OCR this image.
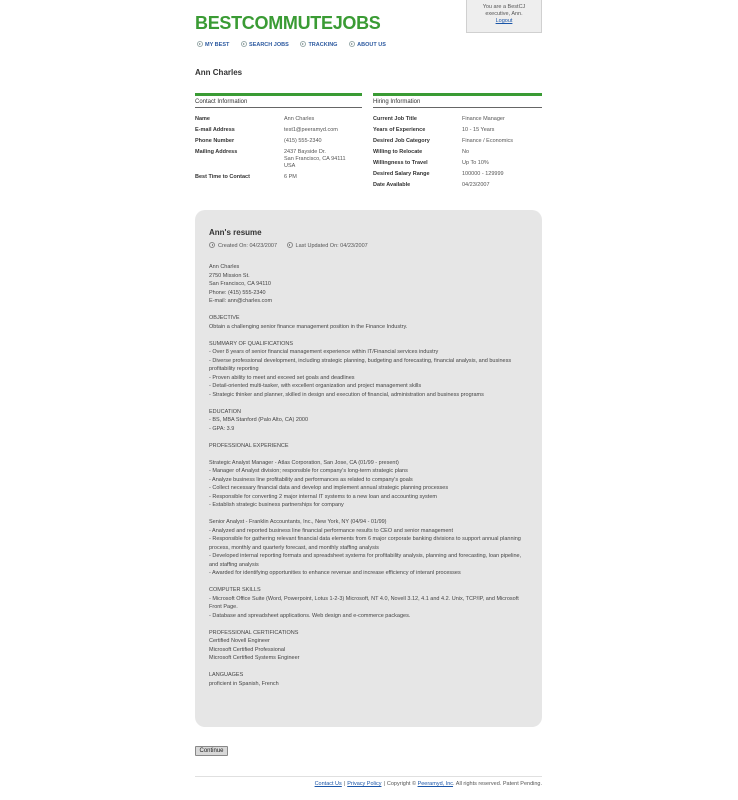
BESTCOMMUTEJOBS
You are a BestCJ
executive, Ann.
Logout
MY BEST	SEARCH JOBS	TRACKING	ABOUT US
Ann Charles
Contact Information
Name	Ann Charles
E-mail Address	test1@peeramyd.com
Phone Number	(415) 555-2340
Mailing Address	2437 Bayside Dr.
San Francisco, CA 94111
USA
Best Time to Contact	6 PM
Hiring Information
Current Job Title	Finance Manager
Years of Experience	10 - 15 Years
Desired Job Category	Finance / Economics
Willing to Relocate	No
Willingness to Travel	Up To 10%
Desired Salary Range	100000 - 129999
Date Available	04/23/2007
Ann's resume
Created On: 04/23/2007	Last Updated On: 04/23/2007
Ann Charles
2750 Mission St.
San Francisco, CA 94110
Phone: (415) 555-2340
E-mail: ann@charles.com
OBJECTIVE
Obtain a challenging senior finance management position in the Finance Industry.
SUMMARY OF QUALIFICATIONS
- Over 8 years of senior financial management experience within IT/Financial services industry
- Diverse professional development, including strategic planning, budgeting and forecasting, financial analysis, and business profitability reporting
- Proven ability to meet and exceed set goals and deadlines
- Detail-oriented multi-tasker, with excellent organization and project management skills
- Strategic thinker and planner, skilled in design and execution of financial, administration and business programs
EDUCATION
- BS, MBA Stanford (Palo Alto, CA) 2000
- GPA: 3.9
PROFESSIONAL EXPERIENCE
Strategic Analyst Manager - Atlas Corporation, San Jose, CA (01/99 - present)
- Manager of Analyst division; responsible for company's long-term strategic plans
- Analyze business line profitability and performances as related to company's goals
- Collect necessary financial data and develop and implement annual strategic planning processes
- Responsible for converting 2 major internal IT systems to a new loan and accounting system
- Establish strategic business partnerships for company
Senior Analyst - Franklin Accountants, Inc., New York, NY (04/94 - 01/99)
- Analyzed and reported business line financial performance results to CEO and senior management
- Responsible for gathering relevant financial data elements from 6 major corporate banking divisions to support annual planning process, monthly and quarterly forecast, and monthly staffing analysis
- Developed internal reporting formats and spreadsheet systems for profitability analysis, planning and forecasting, loan pipeline, and staffing analysis
- Awarded for identifying opportunities to enhance revenue and increase efficiency of interanl processes
COMPUTER SKILLS
- Microsoft Office Suite (Word, Powerpoint, Lotus 1-2-3) Microsoft, NT 4.0, Novell 3.12, 4.1 and 4.2. Unix, TCP/IP, and Microsoft Front Page.
- Database and spreadsheet applications. Web design and e-commerce packages.
PROFESSIONAL CERTIFICATIONS
Certified Novell Engineer
Microsoft Certified Professional
Microsoft Certified Systems Engineer
LANGUAGES
proficient in Spanish, French
Continue
Contact Us | Privacy Policy | Copyright © Peeramyd, Inc. All rights reserved. Patent Pending.
